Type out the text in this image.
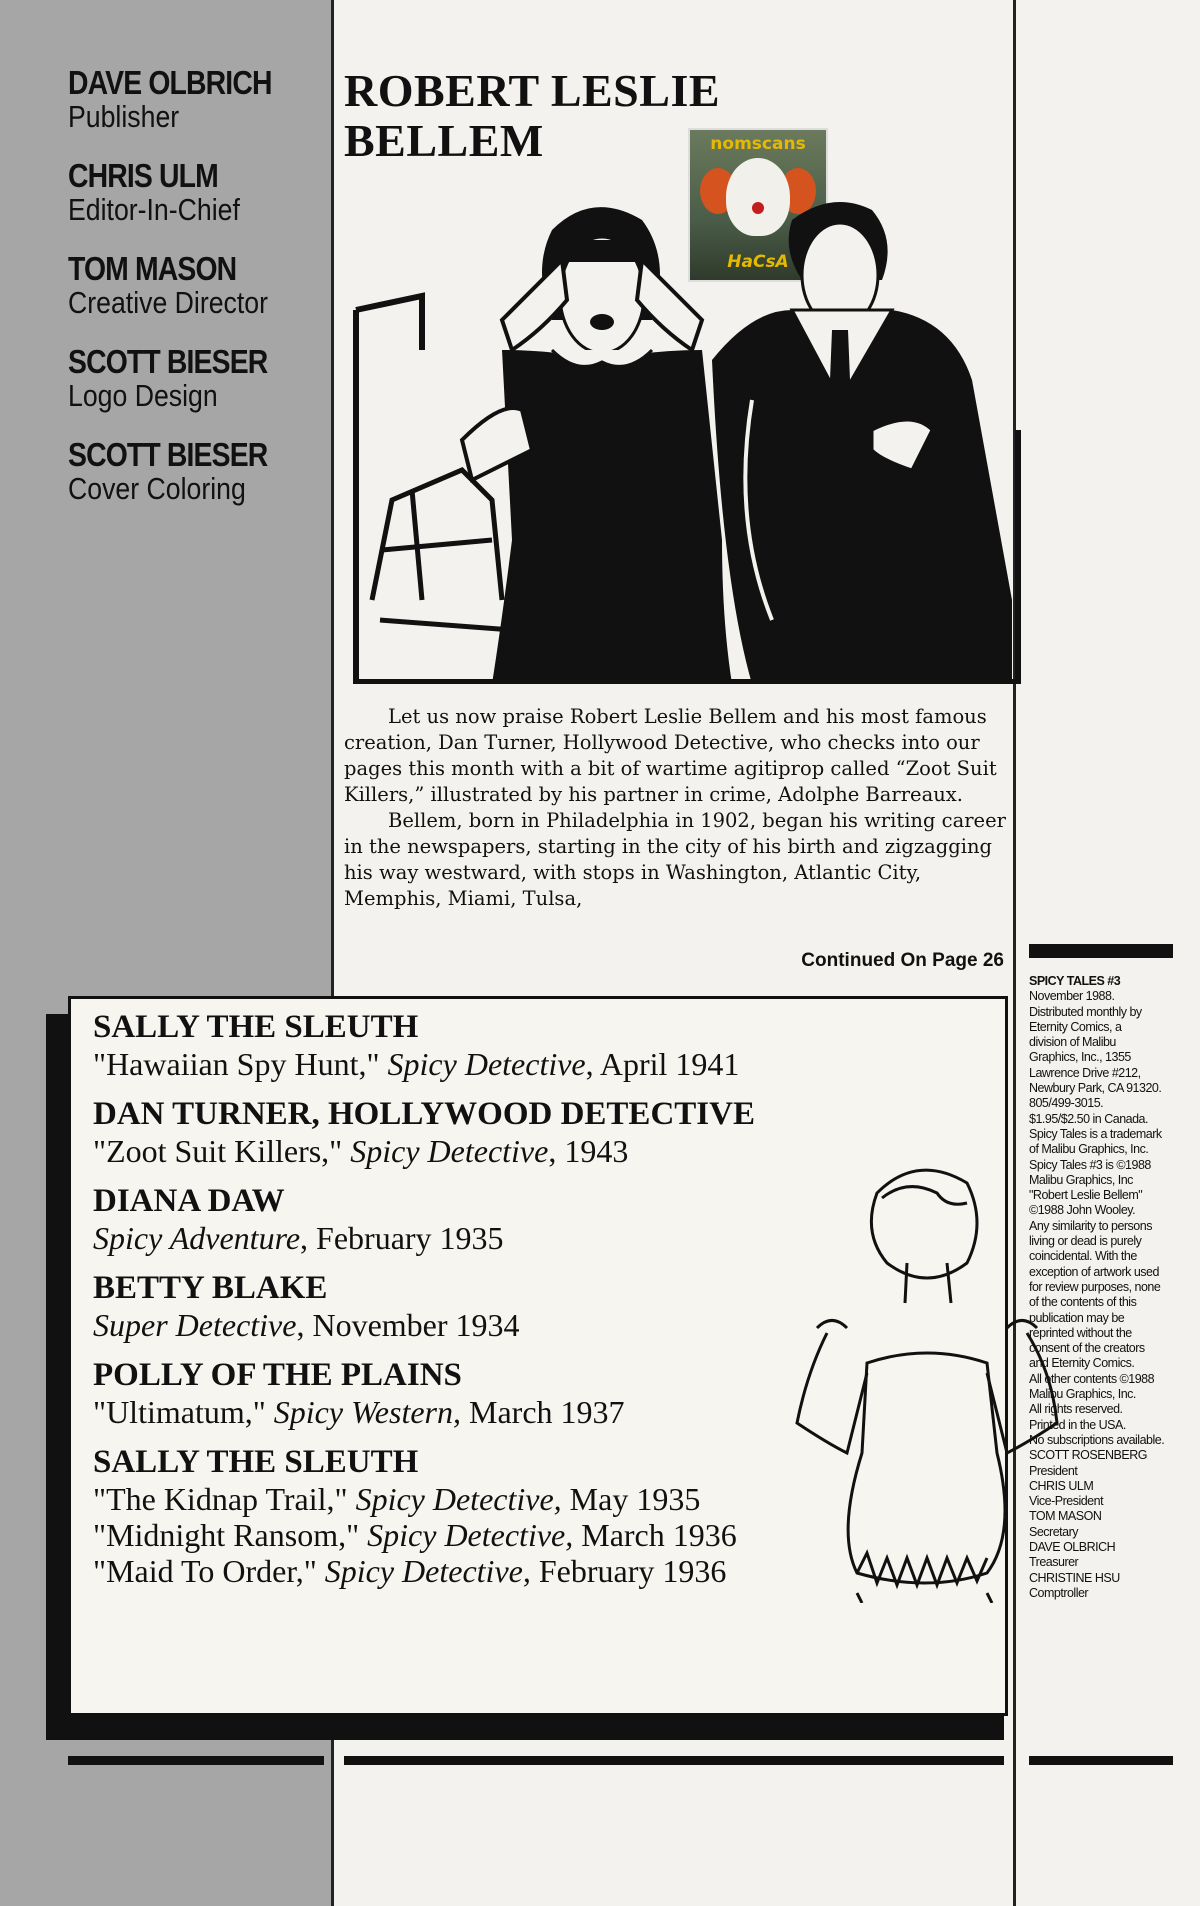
DAVE OLBRICH
Publisher
CHRIS ULM
Editor-In-Chief
TOM MASON
Creative Director
SCOTT BIESER
Logo Design
SCOTT BIESER
Cover Coloring
ROBERT LESLIE
BELLEM	nomscans
HaCsA

Let us now praise Robert Leslie Bellem and his most famous creation, Dan Turner, Hollywood Detective, who checks into our pages this month with a bit of wartime agitiprop called “Zoot Suit Killers,” illustrated by his partner in crime, Adolphe Barreaux.

Bellem, born in Philadelphia in 1902, began his writing career in the newspapers, starting in the city of his birth and zigzagging his way westward, with stops in Washington, Atlantic City, Memphis, Miami, Tulsa,

Continued On Page 26
SALLY THE SLEUTH
"Hawaiian Spy Hunt," Spicy Detective, April 1941
DAN TURNER, HOLLYWOOD DETECTIVE
"Zoot Suit Killers," Spicy Detective, 1943
DIANA DAW
Spicy Adventure, February 1935
BETTY BLAKE
Super Detective, November 1934
POLLY OF THE PLAINS
"Ultimatum," Spicy Western, March 1937
SALLY THE SLEUTH
"The Kidnap Trail," Spicy Detective, May 1935
"Midnight Ransom," Spicy Detective, March 1936
"Maid To Order," Spicy Detective, February 1936
SPICY TALES #3
November 1988.
Distributed monthly by
Eternity Comics, a
division of Malibu
Graphics, Inc., 1355
Lawrence Drive #212,
Newbury Park, CA 91320.
805/499-3015.
$1.95/$2.50 in Canada.
Spicy Tales is a trademark
of Malibu Graphics, Inc.
Spicy Tales #3 is ©1988
Malibu Graphics, Inc
"Robert Leslie Bellem"
©1988 John Wooley.
Any similarity to persons
living or dead is purely
coincidental. With the
exception of artwork used
for review purposes, none
of the contents of this
publication may be
reprinted without the
consent of the creators
and Eternity Comics.
All other contents ©1988
Malibu Graphics, Inc.
All rights reserved.
Printed in the USA.
No subscriptions available.
SCOTT ROSENBERG
President
CHRIS ULM
Vice-President
TOM MASON
Secretary
DAVE OLBRICH
Treasurer
CHRISTINE HSU
Comptroller
